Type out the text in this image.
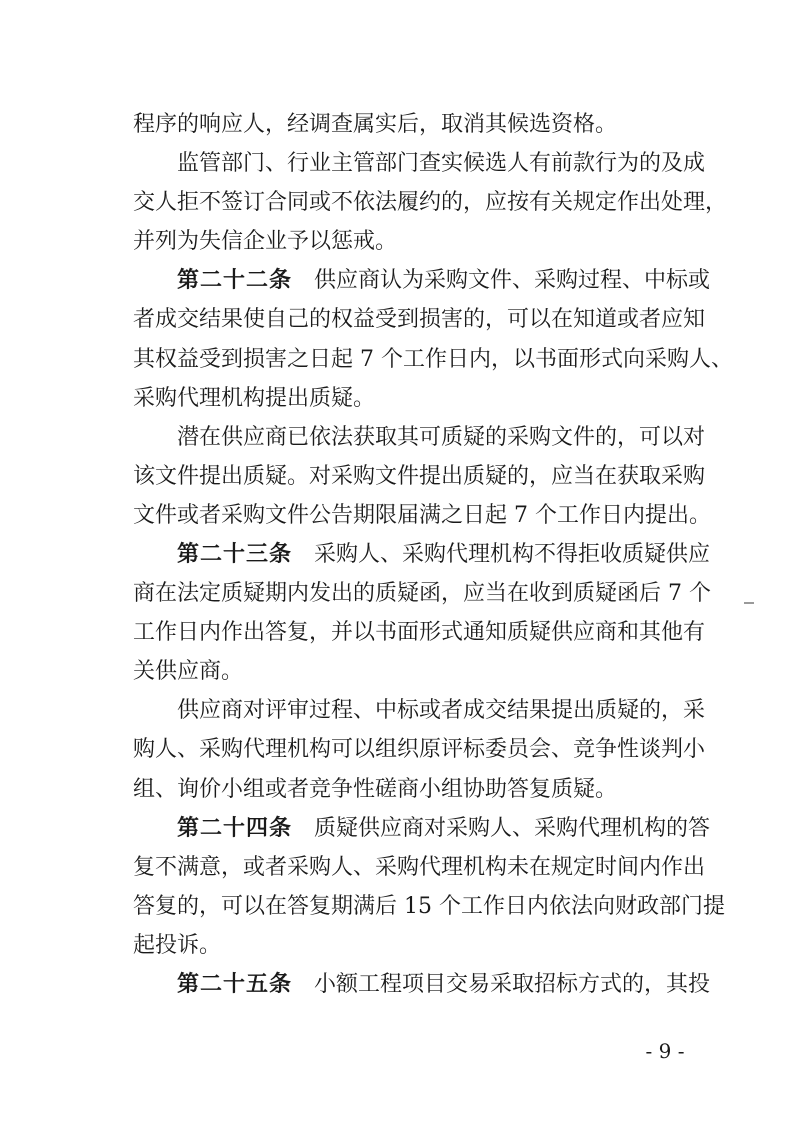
程序的响应人，经调查属实后，取消其候选资格。
监管部门、行业主管部门查实候选人有前款行为的及成
交人拒不签订合同或不依法履约的，应按有关规定作出处理，
并列为失信企业予以惩戒。
第二十二条 供应商认为采购文件、采购过程、中标或
者成交结果使自己的权益受到损害的，可以在知道或者应知
其权益受到损害之日起 7 个工作日内，以书面形式向采购人、
采购代理机构提出质疑。
潜在供应商已依法获取其可质疑的采购文件的，可以对
该文件提出质疑。对采购文件提出质疑的，应当在获取采购
文件或者采购文件公告期限届满之日起 7 个工作日内提出。
第二十三条 采购人、采购代理机构不得拒收质疑供应
商在法定质疑期内发出的质疑函，应当在收到质疑函后 7 个
工作日内作出答复，并以书面形式通知质疑供应商和其他有
关供应商。
供应商对评审过程、中标或者成交结果提出质疑的，采
购人、采购代理机构可以组织原评标委员会、竞争性谈判小
组、询价小组或者竞争性磋商小组协助答复质疑。
第二十四条 质疑供应商对采购人、采购代理机构的答
复不满意，或者采购人、采购代理机构未在规定时间内作出
答复的，可以在答复期满后 15 个工作日内依法向财政部门提
起投诉。
第二十五条 小额工程项目交易采取招标方式的，其投
- 9 -
